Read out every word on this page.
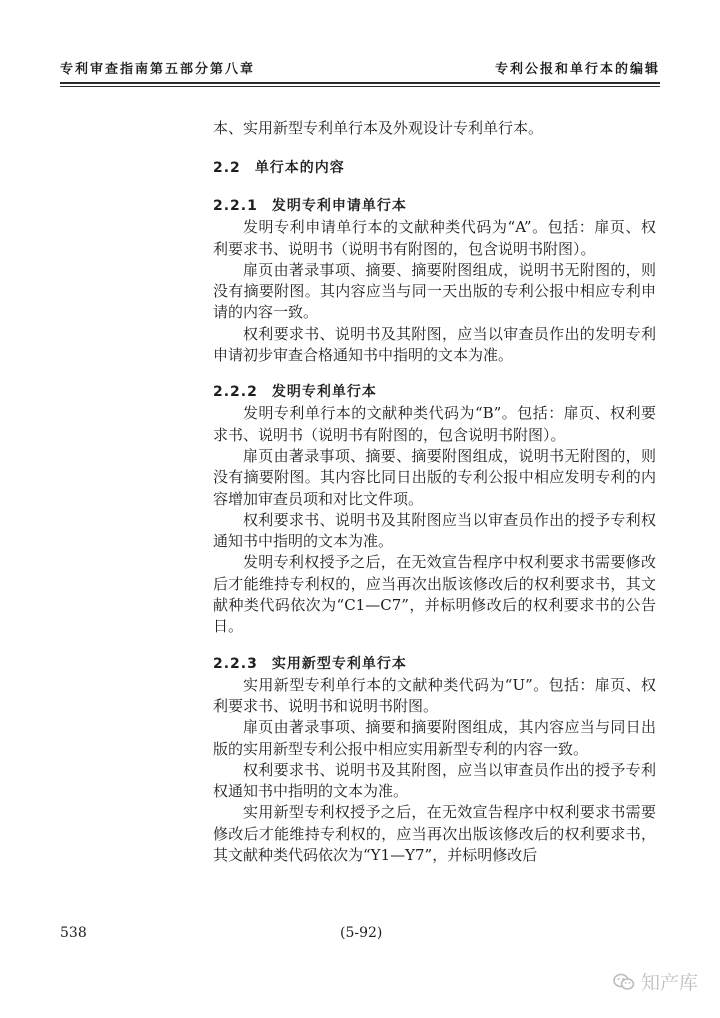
专利审查指南第五部分第八章	专利公报和单行本的编辑

本、实用新型专利单行本及外观设计专利单行本。

2.2 单行本的内容
2.2.1 发明专利申请单行本

发明专利申请单行本的文献种类代码为“A”。包括：扉页、权利要求书、说明书（说明书有附图的，包含说明书附图）。

扉页由著录事项、摘要、摘要附图组成，说明书无附图的，则没有摘要附图。其内容应当与同一天出版的专利公报中相应专利申请的内容一致。

权利要求书、说明书及其附图，应当以审查员作出的发明专利申请初步审查合格通知书中指明的文本为准。

2.2.2 发明专利单行本

发明专利单行本的文献种类代码为“B”。包括：扉页、权利要求书、说明书（说明书有附图的，包含说明书附图）。

扉页由著录事项、摘要、摘要附图组成，说明书无附图的，则没有摘要附图。其内容比同日出版的专利公报中相应发明专利的内容增加审查员项和对比文件项。

权利要求书、说明书及其附图应当以审查员作出的授予专利权通知书中指明的文本为准。

发明专利权授予之后，在无效宣告程序中权利要求书需要修改后才能维持专利权的，应当再次出版该修改后的权利要求书，其文献种类代码依次为“C1—C7”，并标明修改后的权利要求书的公告日。

2.2.3 实用新型专利单行本

实用新型专利单行本的文献种类代码为“U”。包括：扉页、权利要求书、说明书和说明书附图。

扉页由著录事项、摘要和摘要附图组成，其内容应当与同日出版的实用新型专利公报中相应实用新型专利的内容一致。

权利要求书、说明书及其附图，应当以审查员作出的授予专利权通知书中指明的文本为准。

实用新型专利权授予之后，在无效宣告程序中权利要求书需要修改后才能维持专利权的，应当再次出版该修改后的权利要求书，其文献种类代码依次为“Y1—Y7”，并标明修改后

538	(5-92)
知产库
